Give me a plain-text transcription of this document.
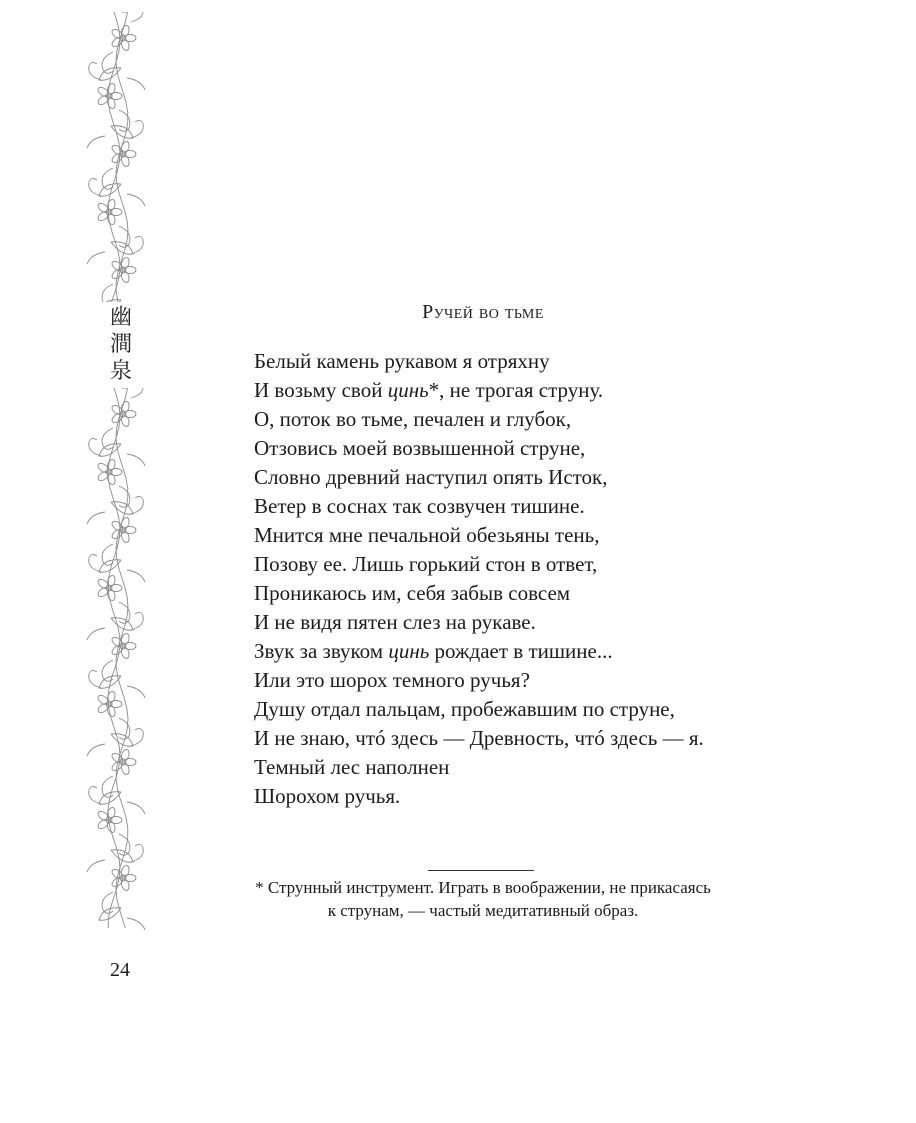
幽
澗
泉
Ручей во тьме
Белый камень рукавом я отряхну
И возьму свой цинь*, не трогая струну.
О, поток во тьме, печален и глубок,
Отзовись моей возвышенной струне,
Словно древний наступил опять Исток,
Ветер в соснах так созвучен тишине.
Мнится мне печальной обезьяны тень,
Позову ее. Лишь горький стон в ответ,
Проникаюсь им, себя забыв совсем
И не видя пятен слез на рукаве.
Звук за звуком цинь рождает в тишине...
Или это шорох темного ручья?
Душу отдал пальцам, пробежавшим по струне,
И не знаю, чтó здесь — Древность, чтó здесь — я.
Темный лес наполнен
Шорохом ручья.
* Струнный инструмент. Играть в воображении, не прикасаясь
к струнам, — частый медитативный образ.
24
